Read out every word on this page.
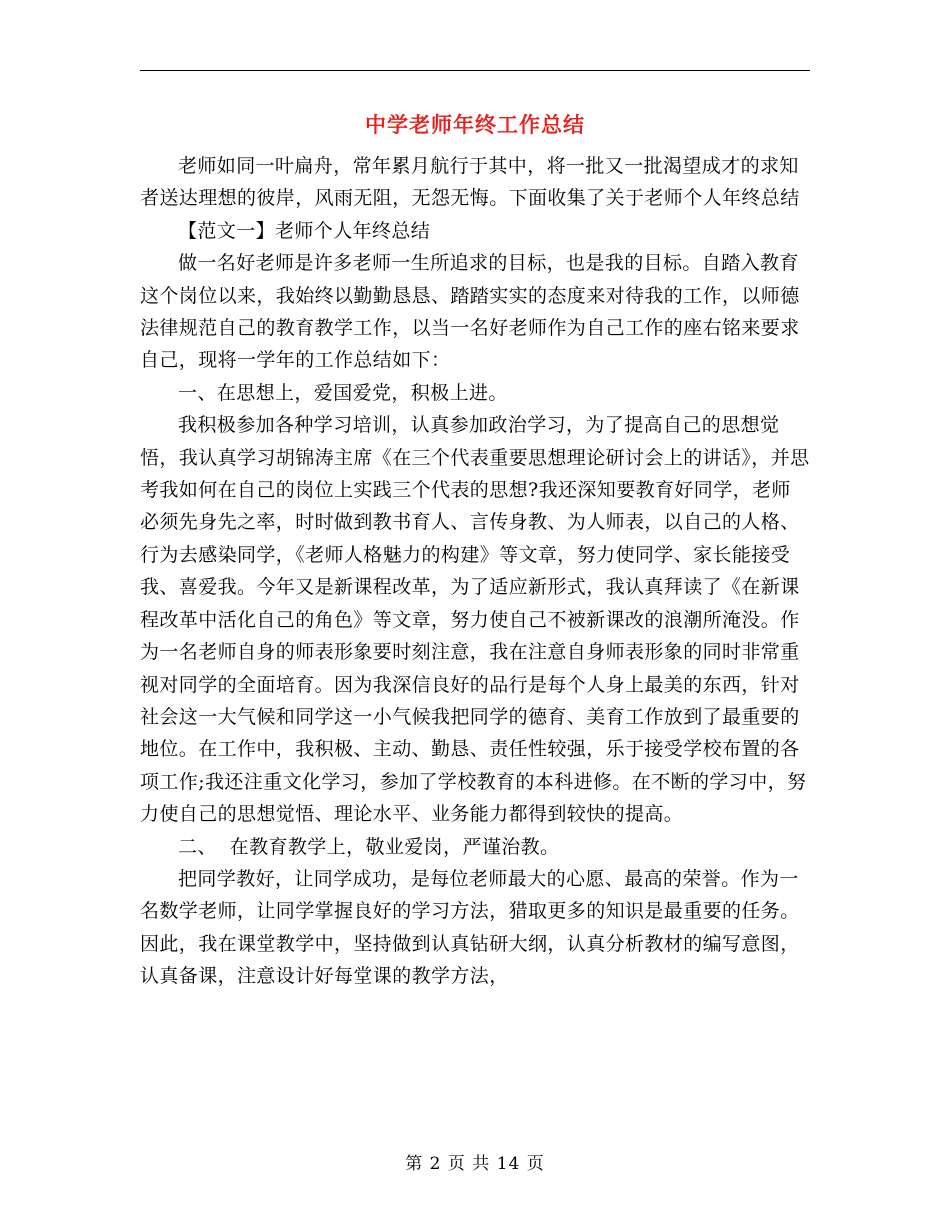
中学老师年终工作总结

老师如同一叶扁舟，常年累月航行于其中，将一批又一批渴望成才的求知者送达理想的彼岸，风雨无阻，无怨无悔。下面收集了关于老师个人年终总结

【范文一】老师个人年终总结

做一名好老师是许多老师一生所追求的目标，也是我的目标。自踏入教育这个岗位以来，我始终以勤勤恳恳、踏踏实实的态度来对待我的工作，以师德法律规范自己的教育教学工作，以当一名好老师作为自己工作的座右铭来要求自己，现将一学年的工作总结如下：

一、在思想上，爱国爱党，积极上进。

我积极参加各种学习培训，认真参加政治学习，为了提高自己的思想觉悟，我认真学习胡锦涛主席《在三个代表重要思想理论研讨会上的讲话》，并思考我如何在自己的岗位上实践三个代表的思想?我还深知要教育好同学，老师必须先身先之率，时时做到教书育人、言传身教、为人师表，以自己的人格、行为去感染同学，《老师人格魅力的构建》等文章，努力使同学、家长能接受我、喜爱我。今年又是新课程改革，为了适应新形式，我认真拜读了《在新课程改革中活化自己的角色》等文章，努力使自己不被新课改的浪潮所淹没。作为一名老师自身的师表形象要时刻注意，我在注意自身师表形象的同时非常重视对同学的全面培育。因为我深信良好的品行是每个人身上最美的东西，针对社会这一大气候和同学这一小气候我把同学的德育、美育工作放到了最重要的地位。在工作中，我积极、主动、勤恳、责任性较强，乐于接受学校布置的各项工作;我还注重文化学习，参加了学校教育的本科进修。在不断的学习中，努力使自己的思想觉悟、理论水平、业务能力都得到较快的提高。

二、  在教育教学上，敬业爱岗，严谨治教。

把同学教好，让同学成功，是每位老师最大的心愿、最高的荣誉。作为一名数学老师，让同学掌握良好的学习方法，猎取更多的知识是最重要的任务。因此，我在课堂教学中，坚持做到认真钻研大纲，认真分析教材的编写意图，认真备课，注意设计好每堂课的教学方法，

第 2 页 共 14 页
